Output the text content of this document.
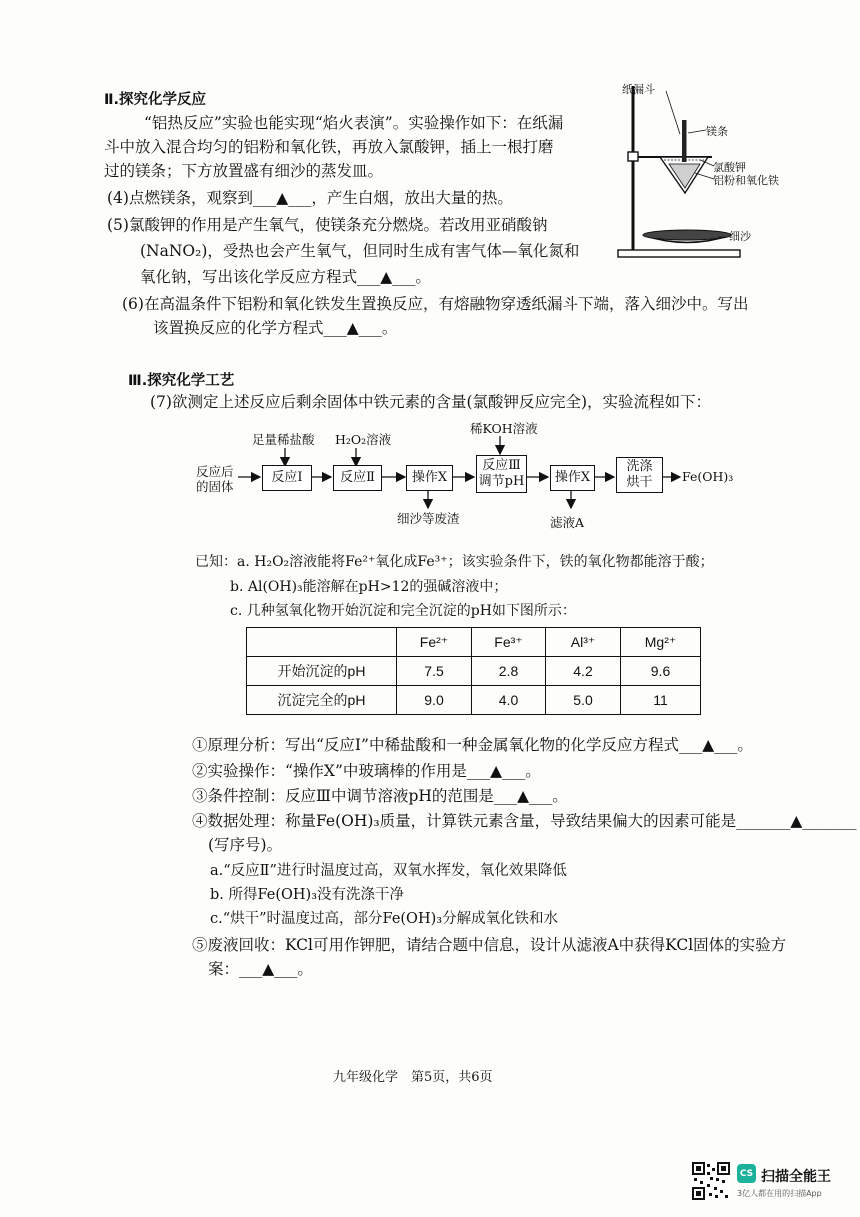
Ⅱ.探究化学反应
“铝热反应”实验也能实现“焰火表演”。实验操作如下：在纸漏
斗中放入混合均匀的铝粉和氧化铁，再放入氯酸钾，插上一根打磨
过的镁条；下方放置盛有细沙的蒸发皿。
(4)点燃镁条，观察到___▲___，产生白烟，放出大量的热。
(5)氯酸钾的作用是产生氧气，使镁条充分燃烧。若改用亚硝酸钠
(NaNO₂)，受热也会产生氧气，但同时生成有害气体—氧化氮和
氧化钠，写出该化学反应方程式___▲___。
(6)在高温条件下铝粉和氧化铁发生置换反应，有熔融物穿透纸漏斗下端，落入细沙中。写出
该置换反应的化学方程式___▲___。
纸漏斗
镁条
氯酸钾
铝粉和氧化铁
细沙
Ⅲ.探究化学工艺
(7)欲测定上述反应后剩余固体中铁元素的含量(氯酸钾反应完全)，实验流程如下：
反应后
的固体
反应Ⅰ	反应Ⅱ	操作X
反应Ⅲ
调节pH 操作X
洗涤
烘干 Fe(OH)₃
足量稀盐酸 H₂O₂溶液
稀KOH溶液
细沙等废渣	滤液A
已知：a. H₂O₂溶液能将Fe²⁺氧化成Fe³⁺；该实验条件下，铁的氧化物都能溶于酸；
b. Al(OH)₃能溶解在pH>12的强碱溶液中；
c. 几种氢氧化物开始沉淀和完全沉淀的pH如下图所示：
	Fe²⁺	Fe³⁺	Al³⁺	Mg²⁺
开始沉淀的pH	7.5	2.8	4.2	9.6
沉淀完全的pH	9.0	4.0	5.0	11
①原理分析：写出“反应Ⅰ”中稀盐酸和一种金属氧化物的化学反应方程式___▲___。
②实验操作：“操作X”中玻璃棒的作用是___▲___。
③条件控制：反应Ⅲ中调节溶液pH的范围是___▲___。
④数据处理：称量Fe(OH)₃质量，计算铁元素含量，导致结果偏大的因素可能是_______▲_______
(写序号)。
a.“反应Ⅱ”进行时温度过高，双氧水挥发，氧化效果降低
b. 所得Fe(OH)₃没有洗涤干净
c.“烘干”时温度过高，部分Fe(OH)₃分解成氧化铁和水
⑤废液回收：KCl可用作钾肥，请结合题中信息，设计从滤液A中获得KCl固体的实验方
案：___▲___。
九年级化学　第5页，共6页
CS 扫描全能王
3亿人都在用的扫描App
